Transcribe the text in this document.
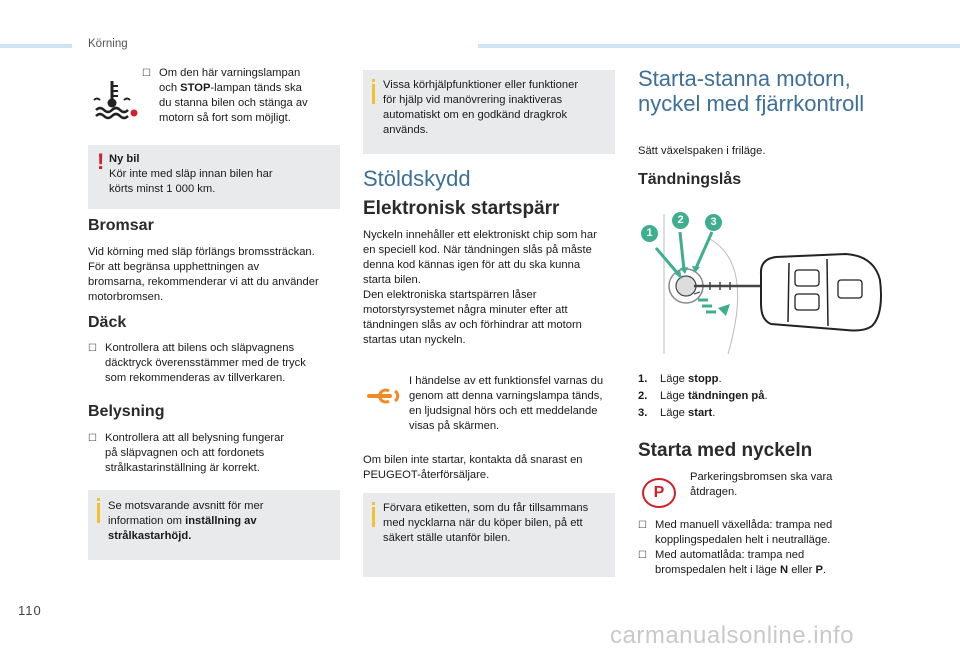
Körning
☐ Om den här varningslampan
och STOP-lampan tänds ska
du stanna bilen och stänga av
motorn så fort som möjligt.
! Ny bil
Kör inte med släp innan bilen har
körts minst 1 000 km.
Bromsar
Vid körning med släp förlängs bromssträckan.
För att begränsa upphettningen av
bromsarna, rekommenderar vi att du använder
motorbromsen.
Däck
☐ Kontrollera att bilens och släpvagnens
däcktryck överensstämmer med de tryck
som rekommenderas av tillverkaren.
Belysning
☐ Kontrollera att all belysning fungerar
på släpvagnen och att fordonets
strålkastarinställning är korrekt.
Se motsvarande avsnitt för mer
information om inställning av
strålkastarhöjd.
Vissa körhjälpfunktioner eller funktioner
för hjälp vid manövrering inaktiveras
automatiskt om en godkänd dragkrok
används.
Stöldskydd
Elektronisk startspärr
Nyckeln innehåller ett elektroniskt chip som har
en speciell kod. När tändningen slås på måste
denna kod kännas igen för att du ska kunna
starta bilen.
Den elektroniska startspärren låser
motorstyrsystemet några minuter efter att
tändningen slås av och förhindrar att motorn
startas utan nyckeln.
I händelse av ett funktionsfel varnas du
genom att denna varningslampa tänds,
en ljudsignal hörs och ett meddelande
visas på skärmen.
Om bilen inte startar, kontakta då snarast en
PEUGEOT-återförsäljare.
Förvara etiketten, som du får tillsammans
med nycklarna när du köper bilen, på ett
säkert ställe utanför bilen.
Starta-stanna motorn,
nyckel med fjärrkontroll
Sätt växelspaken i friläge.
Tändningslås
1
2	3
1. Läge stopp.
2. Läge tändningen på.
3. Läge start.
Starta med nyckeln
P
Parkeringsbromsen ska vara
åtdragen.
☐ Med manuell växellåda: trampa ned
kopplingspedalen helt i neutralläge.
☐ Med automatlåda: trampa ned
bromspedalen helt i läge N eller P.
110
carmanualsonline.info
